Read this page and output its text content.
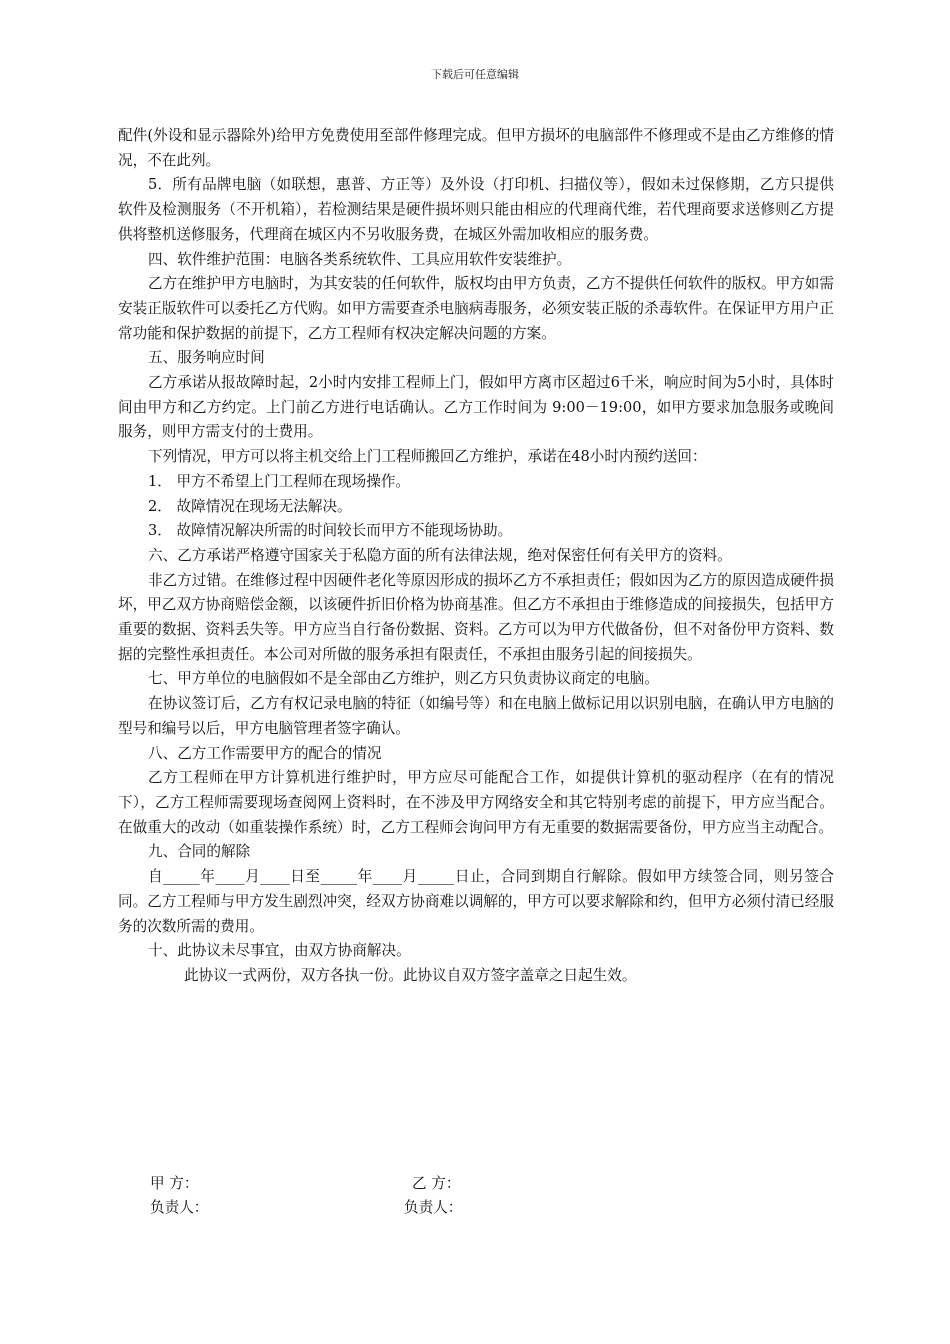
下载后可任意编辑

配件(外设和显示器除外)给甲方免费使用至部件修理完成。但甲方损坏的电脑部件不修理或不是由乙方维修的情况，不在此列。

5．所有品牌电脑（如联想，惠普、方正等）及外设（打印机、扫描仪等），假如未过保修期，乙方只提供软件及检测服务（不开机箱），若检测结果是硬件损坏则只能由相应的代理商代维，若代理商要求送修则乙方提供将整机送修服务，代理商在城区内不另收服务费，在城区外需加收相应的服务费。

四、软件维护范围：电脑各类系统软件、工具应用软件安装维护。

乙方在维护甲方电脑时，为其安装的任何软件，版权均由甲方负责，乙方不提供任何软件的版权。甲方如需安装正版软件可以委托乙方代购。如甲方需要查杀电脑病毒服务，必须安装正版的杀毒软件。在保证甲方用户正常功能和保护数据的前提下，乙方工程师有权决定解决问题的方案。

五、服务响应时间

乙方承诺从报故障时起，2小时内安排工程师上门，假如甲方离市区超过6千米，响应时间为5小时，具体时间由甲方和乙方约定。上门前乙方进行电话确认。乙方工作时间为 9:00－19:00，如甲方要求加急服务或晚间服务，则甲方需支付的士费用。

下列情况，甲方可以将主机交给上门工程师搬回乙方维护，承诺在48小时内预约送回：

1． 甲方不希望上门工程师在现场操作。

2． 故障情况在现场无法解决。

3． 故障情况解决所需的时间较长而甲方不能现场协助。

六、乙方承诺严格遵守国家关于私隐方面的所有法律法规，绝对保密任何有关甲方的资料。

非乙方过错。在维修过程中因硬件老化等原因形成的损坏乙方不承担责任；假如因为乙方的原因造成硬件损坏，甲乙双方协商赔偿金额，以该硬件折旧价格为协商基准。但乙方不承担由于维修造成的间接损失，包括甲方重要的数据、资料丢失等。甲方应当自行备份数据、资料。乙方可以为甲方代做备份，但不对备份甲方资料、数据的完整性承担责任。本公司对所做的服务承担有限责任，不承担由服务引起的间接损失。

七、甲方单位的电脑假如不是全部由乙方维护，则乙方只负责协议商定的电脑。

在协议签订后，乙方有权记录电脑的特征（如编号等）和在电脑上做标记用以识别电脑，在确认甲方电脑的型号和编号以后，甲方电脑管理者签字确认。

八、乙方工作需要甲方的配合的情况

乙方工程师在甲方计算机进行维护时，甲方应尽可能配合工作，如提供计算机的驱动程序（在有的情况下），乙方工程师需要现场查阅网上资料时，在不涉及甲方网络安全和其它特别考虑的前提下，甲方应当配合。在做重大的改动（如重装操作系统）时，乙方工程师会询问甲方有无重要的数据需要备份，甲方应当主动配合。

九、合同的解除

自_____年____月____日至_____年____月_____日止，合同到期自行解除。假如甲方续签合同，则另签合同。乙方工程师与甲方发生剧烈冲突，经双方协商难以调解的，甲方可以要求解除和约，但甲方必须付清已经服务的次数所需的费用。

十、此协议未尽事宜，由双方协商解决。

此协议一式两份，双方各执一份。此协议自双方签字盖章之日起生效。

甲 方：	乙 方：
负责人：	负责人：
